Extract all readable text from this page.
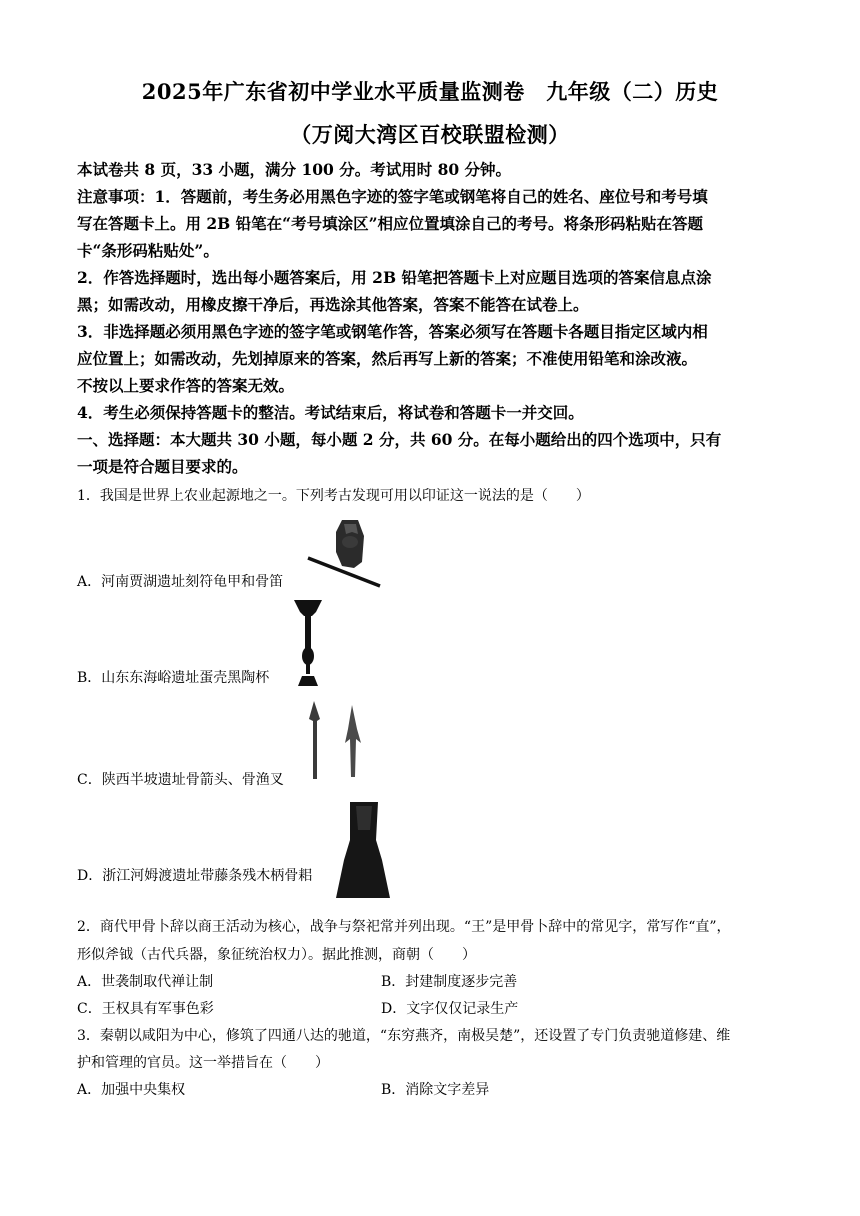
2025年广东省初中学业水平质量监测卷　九年级（二）历史
（万阅大湾区百校联盟检测）
本试卷共 8 页，33 小题，满分 100 分。考试用时 80 分钟。
注意事项：1．答题前，考生务必用黑色字迹的签字笔或钢笔将自己的姓名、座位号和考号填
写在答题卡上。用 2B 铅笔在“考号填涂区”相应位置填涂自己的考号。将条形码粘贴在答题
卡“条形码粘贴处”。
2．作答选择题时，选出每小题答案后，用 2B 铅笔把答题卡上对应题目选项的答案信息点涂
黑；如需改动，用橡皮擦干净后，再选涂其他答案，答案不能答在试卷上。
3．非选择题必须用黑色字迹的签字笔或钢笔作答，答案必须写在答题卡各题目指定区域内相
应位置上；如需改动，先划掉原来的答案，然后再写上新的答案；不准使用铅笔和涂改液。
不按以上要求作答的答案无效。
4．考生必须保持答题卡的整洁。考试结束后，将试卷和答题卡一并交回。
一、选择题：本大题共 30 小题，每小题 2 分，共 60 分。在每小题给出的四个选项中，只有
一项是符合题目要求的。
1．我国是世界上农业起源地之一。下列考古发现可用以印证这一说法的是（　　）
A．河南贾湖遗址刻符龟甲和骨笛
B．山东东海峪遗址蛋壳黑陶杯
C．陕西半坡遗址骨箭头、骨渔叉
D．浙江河姆渡遗址带藤条残木柄骨耜
2．商代甲骨卜辞以商王活动为核心，战争与祭祀常并列出现。“王”是甲骨卜辞中的常见字，常写作“直”，
形似斧钺（古代兵器，象征统治权力）。据此推测，商朝（　　）
A．世袭制取代禅让制	B．封建制度逐步完善
C．王权具有军事色彩	D．文字仅仅记录生产
3．秦朝以咸阳为中心，修筑了四通八达的驰道，“东穷燕齐，南极吴楚”，还设置了专门负责驰道修建、维
护和管理的官员。这一举措旨在（　　）
A．加强中央集权	B．消除文字差异
